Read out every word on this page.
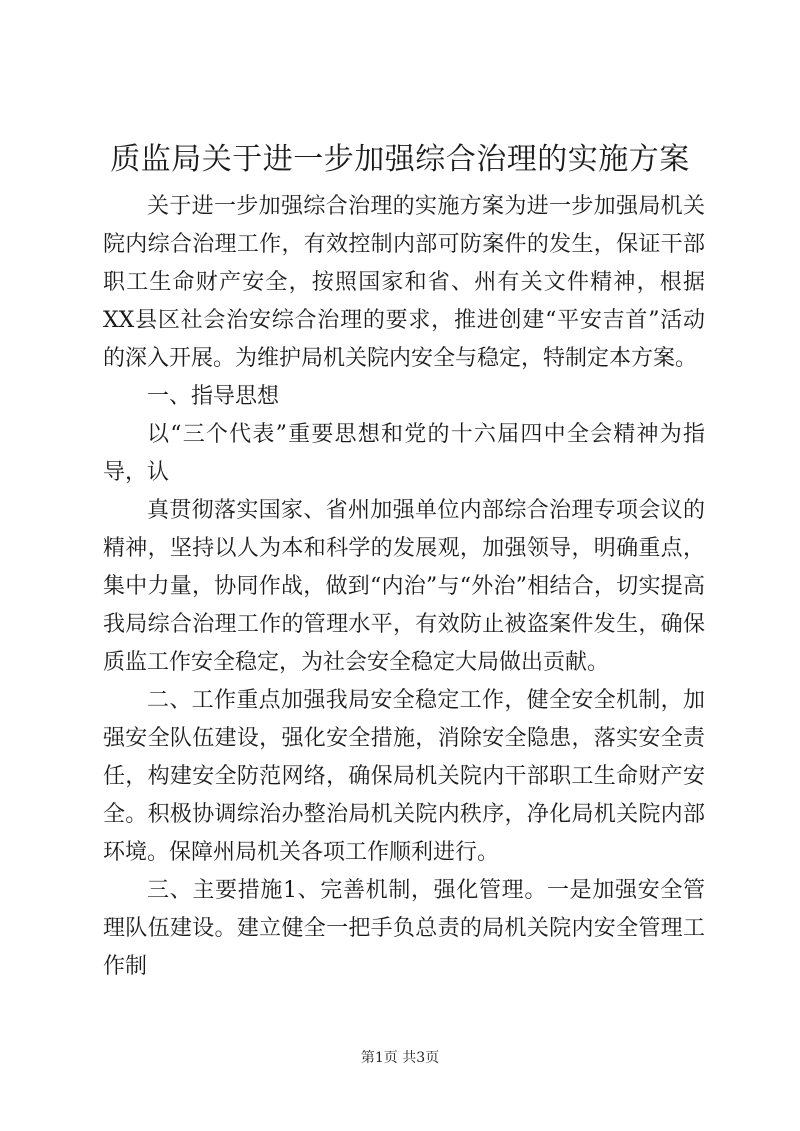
质监局关于进一步加强综合治理的实施方案

关于进一步加强综合治理的实施方案为进一步加强局机关院内综合治理工作，有效控制内部可防案件的发生，保证干部职工生命财产安全，按照国家和省、州有关文件精神，根据XX县区社会治安综合治理的要求，推进创建“平安吉首”活动的深入开展。为维护局机关院内安全与稳定，特制定本方案。

一、指导思想

以“三个代表”重要思想和党的十六届四中全会精神为指导，认

真贯彻落实国家、省州加强单位内部综合治理专项会议的精神，坚持以人为本和科学的发展观，加强领导，明确重点，集中力量，协同作战，做到“内治”与“外治”相结合，切实提高我局综合治理工作的管理水平，有效防止被盗案件发生，确保质监工作安全稳定，为社会安全稳定大局做出贡献。

二、工作重点加强我局安全稳定工作，健全安全机制，加强安全队伍建设，强化安全措施，消除安全隐患，落实安全责任，构建安全防范网络，确保局机关院内干部职工生命财产安全。积极协调综治办整治局机关院内秩序，净化局机关院内部环境。保障州局机关各项工作顺利进行。

三、主要措施1、完善机制，强化管理。一是加强安全管理队伍建设。建立健全一把手负总责的局机关院内安全管理工作制

第1页 共3页
